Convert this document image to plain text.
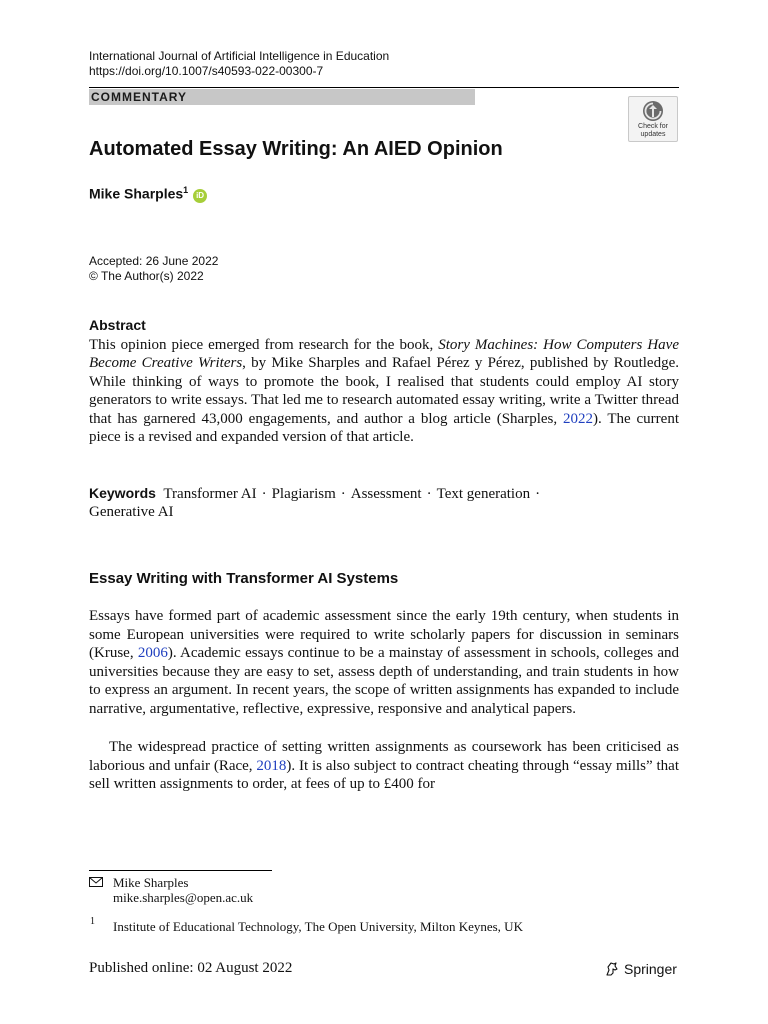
International Journal of Artificial Intelligence in Education
https://doi.org/10.1007/s40593-022-00300-7
COMMENTARY
Check for
updates
Automated Essay Writing: An AIED Opinion
Mike Sharples$^1$ iD
Accepted: 26 June 2022
© The Author(s) 2022
Abstract

This opinion piece emerged from research for the book, Story Machines: How Computers Have Become Creative Writers, by Mike Sharples and Rafael Pérez y Pérez, published by Routledge. While thinking of ways to promote the book, I realised that students could employ AI story generators to write essays. That led me to research automated essay writing, write a Twitter thread that has garnered 43,000 engagements, and author a blog article (Sharples, 2022). The current piece is a revised and expanded version of that article.

Keywords Transformer AI · Plagiarism · Assessment · Text generation ·
Generative AI
Essay Writing with Transformer AI Systems

Essays have formed part of academic assessment since the early 19th century, when students in some European universities were required to write scholarly papers for discussion in seminars (Kruse, 2006). Academic essays continue to be a mainstay of assessment in schools, colleges and universities because they are easy to set, assess depth of understanding, and train students in how to express an argument. In recent years, the scope of written assignments has expanded to include narrative, argumentative, reflective, expressive, responsive and analytical papers.

The widespread practice of setting written assignments as coursework has been criticised as laborious and unfair (Race, 2018). It is also subject to contract cheating through “essay mills” that sell written assignments to order, at fees of up to £400 for

Mike Sharples
mike.sharples@open.ac.uk
1 Institute of Educational Technology, The Open University, Milton Keynes, UK
Published online: 02 August 2022	Springer
